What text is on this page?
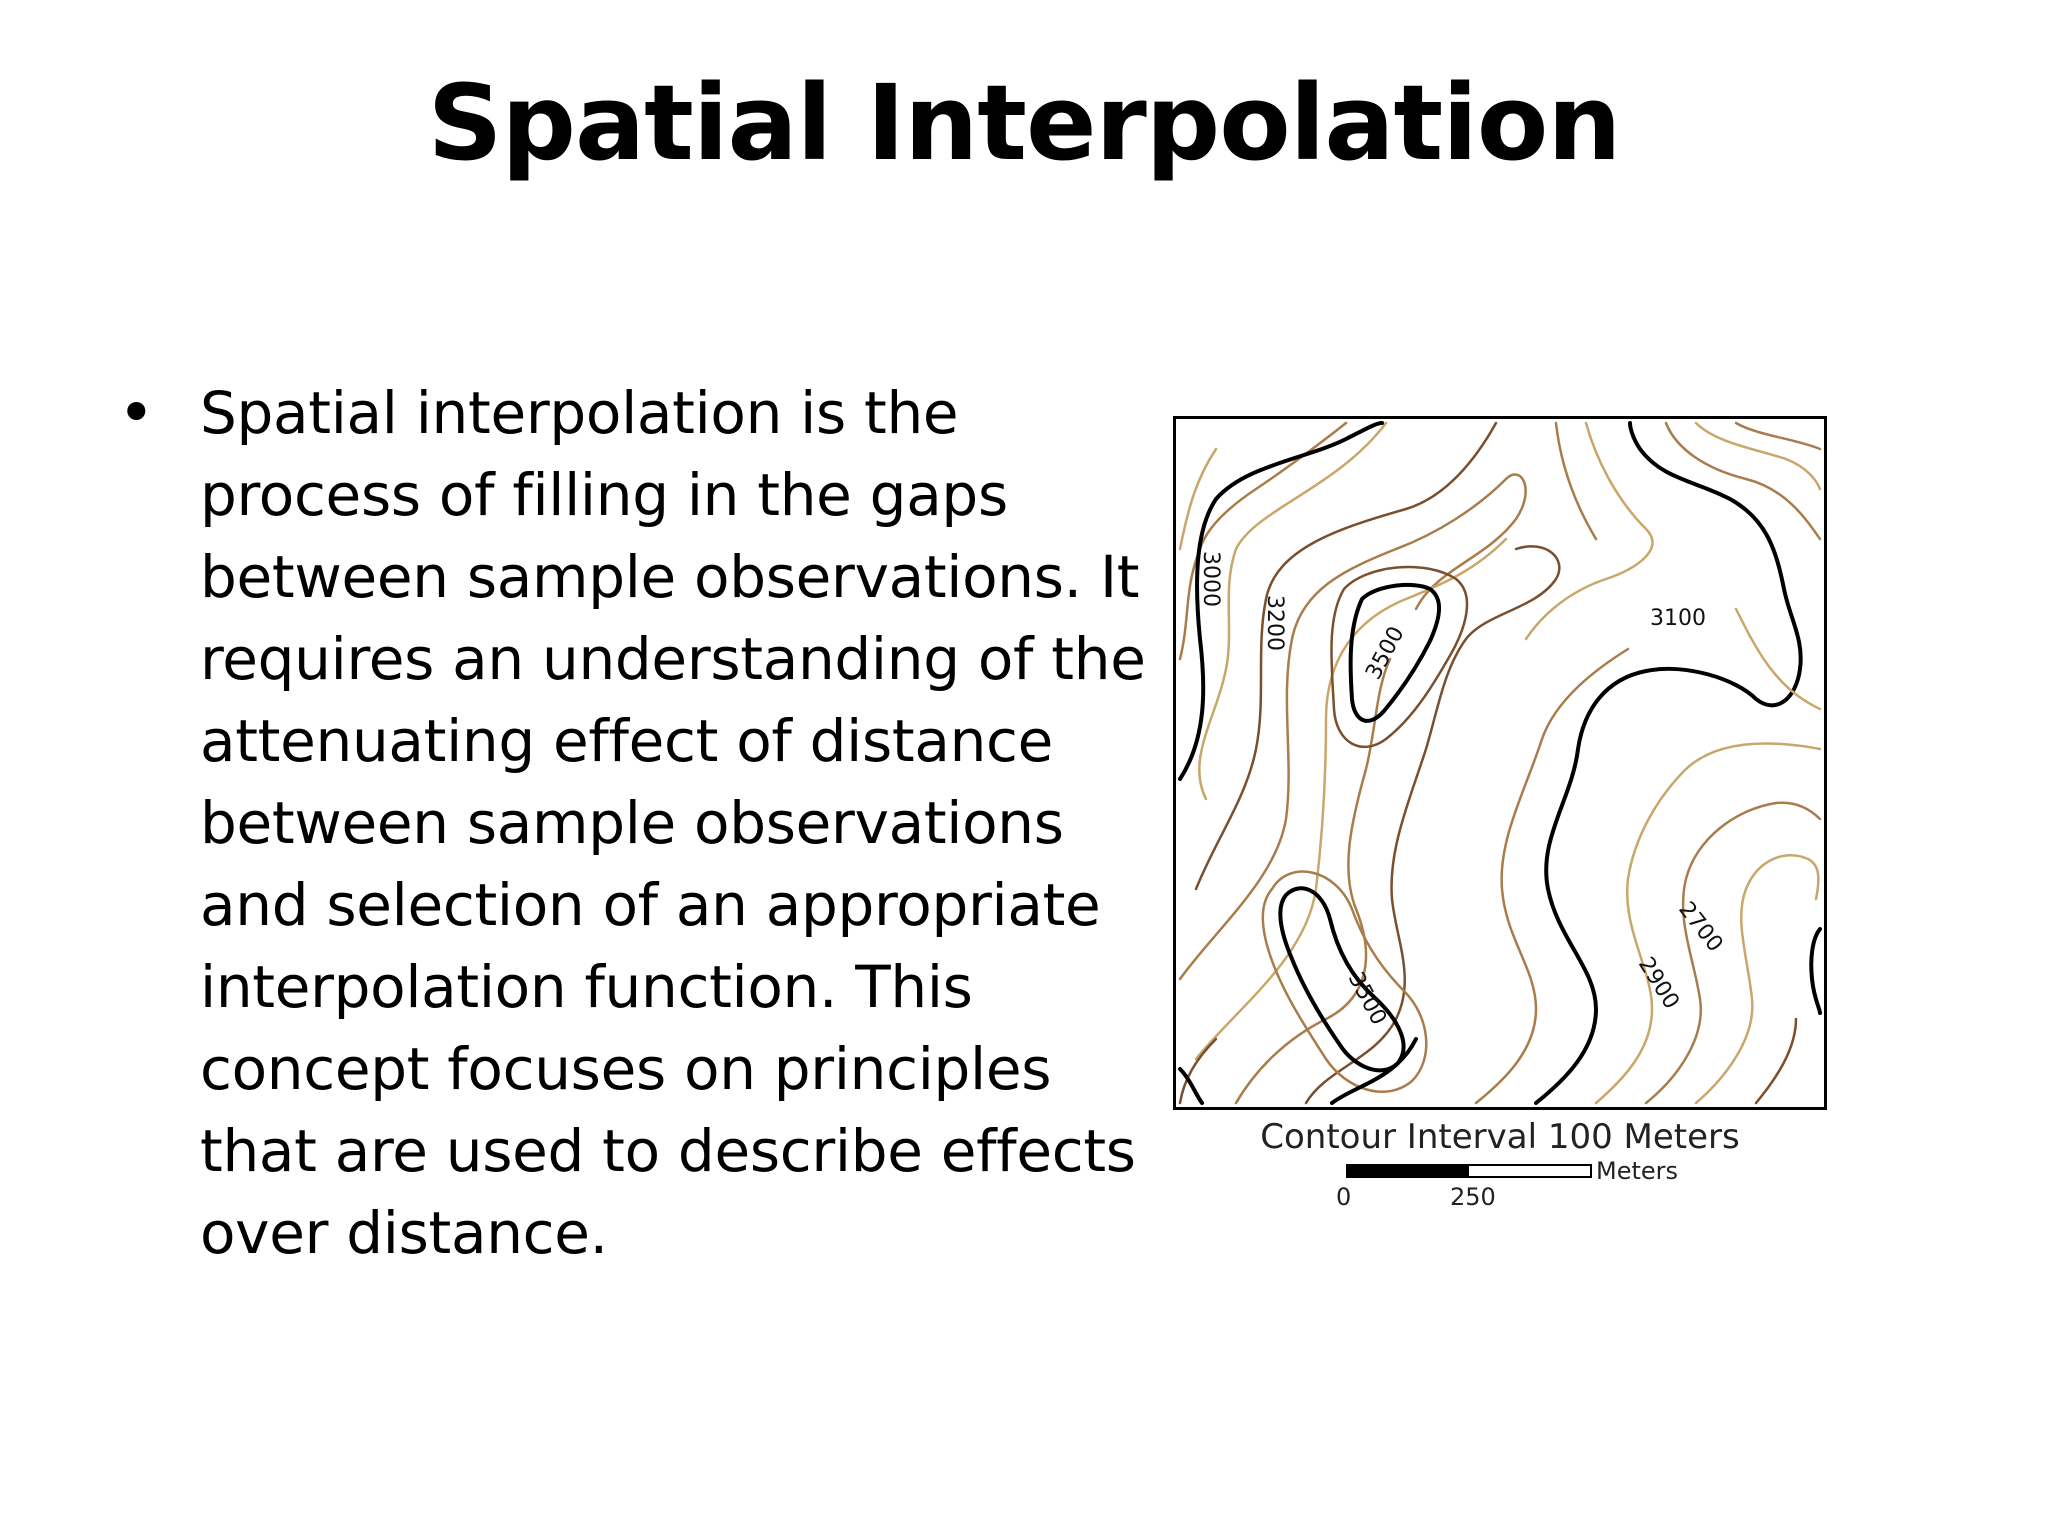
Spatial Interpolation
• Spatial interpolation is the
process of filling in the gaps
between sample observations. It
requires an understanding of the
attenuating effect of distance
between sample observations
and selection of an appropriate
interpolation function. This
concept focuses on principles
that are used to describe effects
over distance.
3000
3200	3500
3100
3500	2900
2700
Contour Interval 100 Meters
Meters
0	250
